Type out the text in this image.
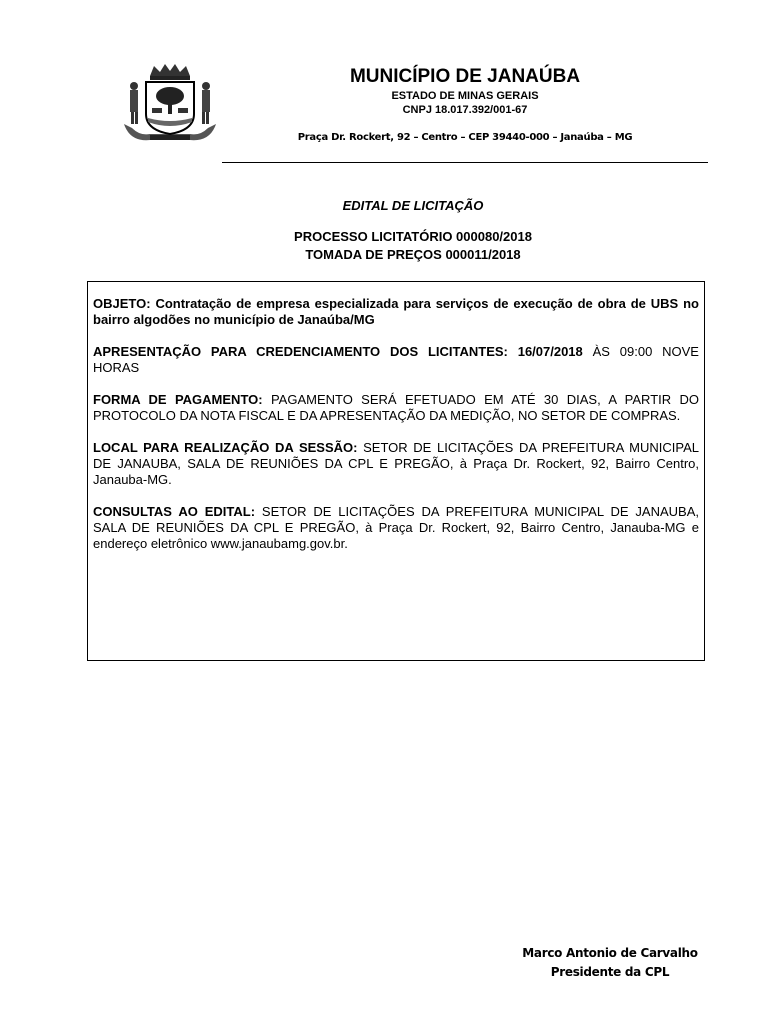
MUNICÍPIO DE JANAÚBA
ESTADO DE MINAS GERAIS
CNPJ 18.017.392/001-67
Praça Dr. Rockert, 92 – Centro – CEP 39440-000 – Janaúba – MG
EDITAL DE LICITAÇÃO
PROCESSO LICITATÓRIO 000080/2018
TOMADA DE PREÇOS 000011/2018

OBJETO: Contratação de empresa especializada para serviços de execução de obra de UBS no bairro algodões no município de Janaúba/MG

APRESENTAÇÃO PARA CREDENCIAMENTO DOS LICITANTES: 16/07/2018 ÀS 09:00 NOVE HORAS

FORMA DE PAGAMENTO: PAGAMENTO SERÁ EFETUADO EM ATÉ 30 DIAS, A PARTIR DO PROTOCOLO DA NOTA FISCAL E DA APRESENTAÇÃO DA MEDIÇÃO, NO SETOR DE COMPRAS.

LOCAL PARA REALIZAÇÃO DA SESSÃO: SETOR DE LICITAÇÕES DA PREFEITURA MUNICIPAL DE JANAUBA, SALA DE REUNIÕES DA CPL E PREGÃO, à Praça Dr. Rockert, 92, Bairro Centro, Janauba-MG.

CONSULTAS AO EDITAL: SETOR DE LICITAÇÕES DA PREFEITURA MUNICIPAL DE JANAUBA, SALA DE REUNIÕES DA CPL E PREGÃO, à Praça Dr. Rockert, 92, Bairro Centro, Janauba-MG e endereço eletrônico www.janaubamg.gov.br.

Marco Antonio de Carvalho
Presidente da CPL
